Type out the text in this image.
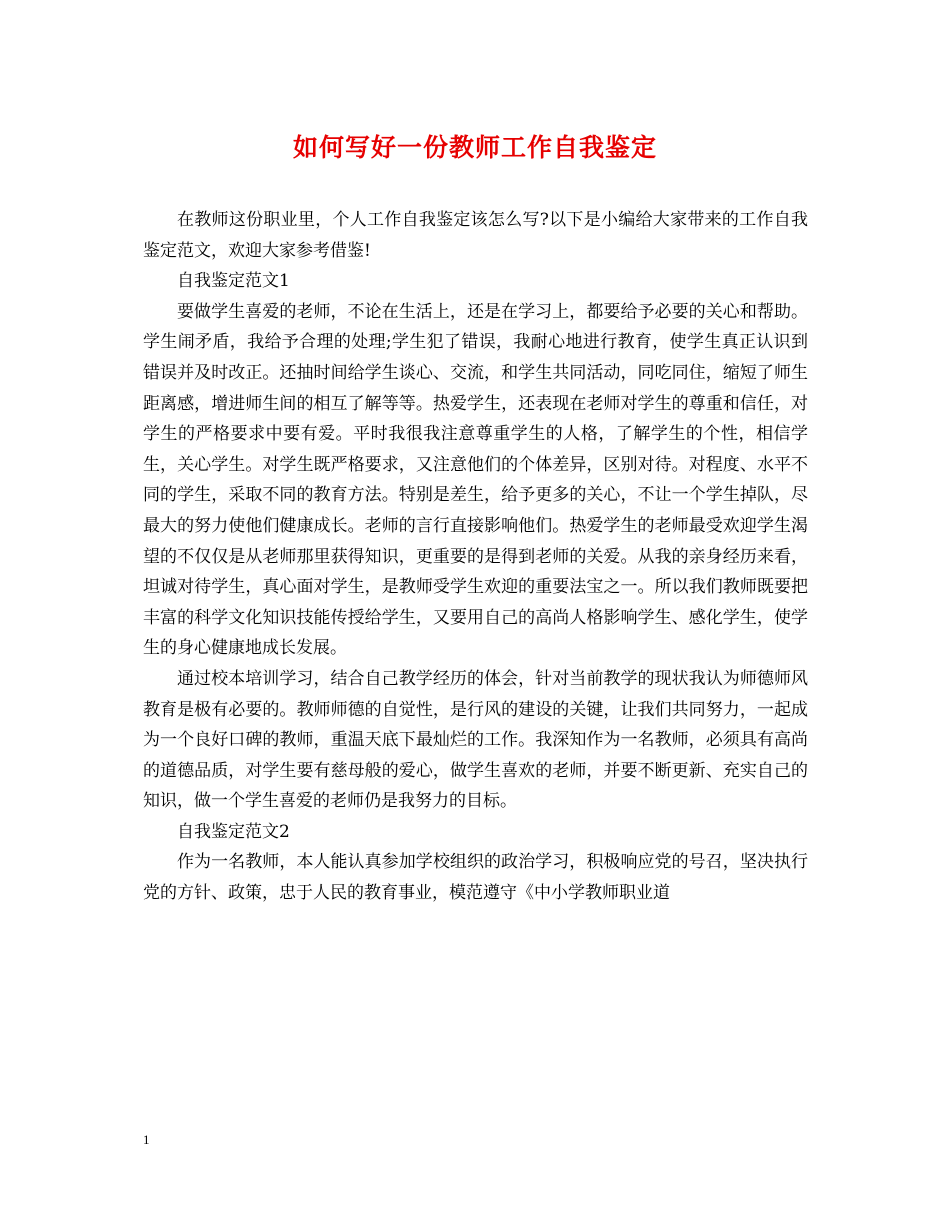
如何写好一份教师工作自我鉴定

在教师这份职业里，个人工作自我鉴定该怎么写?以下是小编给大家带来的工作自我鉴定范文，欢迎大家参考借鉴!

自我鉴定范文1

要做学生喜爱的老师，不论在生活上，还是在学习上，都要给予必要的关心和帮助。学生闹矛盾，我给予合理的处理;学生犯了错误，我耐心地进行教育，使学生真正认识到错误并及时改正。还抽时间给学生谈心、交流，和学生共同活动，同吃同住，缩短了师生距离感，增进师生间的相互了解等等。热爱学生，还表现在老师对学生的尊重和信任，对学生的严格要求中要有爱。平时我很我注意尊重学生的人格，了解学生的个性，相信学生，关心学生。对学生既严格要求，又注意他们的个体差异，区别对待。对程度、水平不同的学生，采取不同的教育方法。特别是差生，给予更多的关心，不让一个学生掉队，尽最大的努力使他们健康成长。老师的言行直接影响他们。热爱学生的老师最受欢迎学生渴望的不仅仅是从老师那里获得知识，更重要的是得到老师的关爱。从我的亲身经历来看，坦诚对待学生，真心面对学生，是教师受学生欢迎的重要法宝之一。所以我们教师既要把丰富的科学文化知识技能传授给学生，又要用自己的高尚人格影响学生、感化学生，使学生的身心健康地成长发展。

通过校本培训学习，结合自己教学经历的体会，针对当前教学的现状我认为师德师风教育是极有必要的。教师师德的自觉性，是行风的建设的关键，让我们共同努力，一起成为一个良好口碑的教师，重温天底下最灿烂的工作。我深知作为一名教师，必须具有高尚的道德品质，对学生要有慈母般的爱心，做学生喜欢的老师，并要不断更新、充实自己的知识，做一个学生喜爱的老师仍是我努力的目标。

自我鉴定范文2

作为一名教师，本人能认真参加学校组织的政治学习，积极响应党的号召，坚决执行党的方针、政策，忠于人民的教育事业，模范遵守《中小学教师职业道

1
